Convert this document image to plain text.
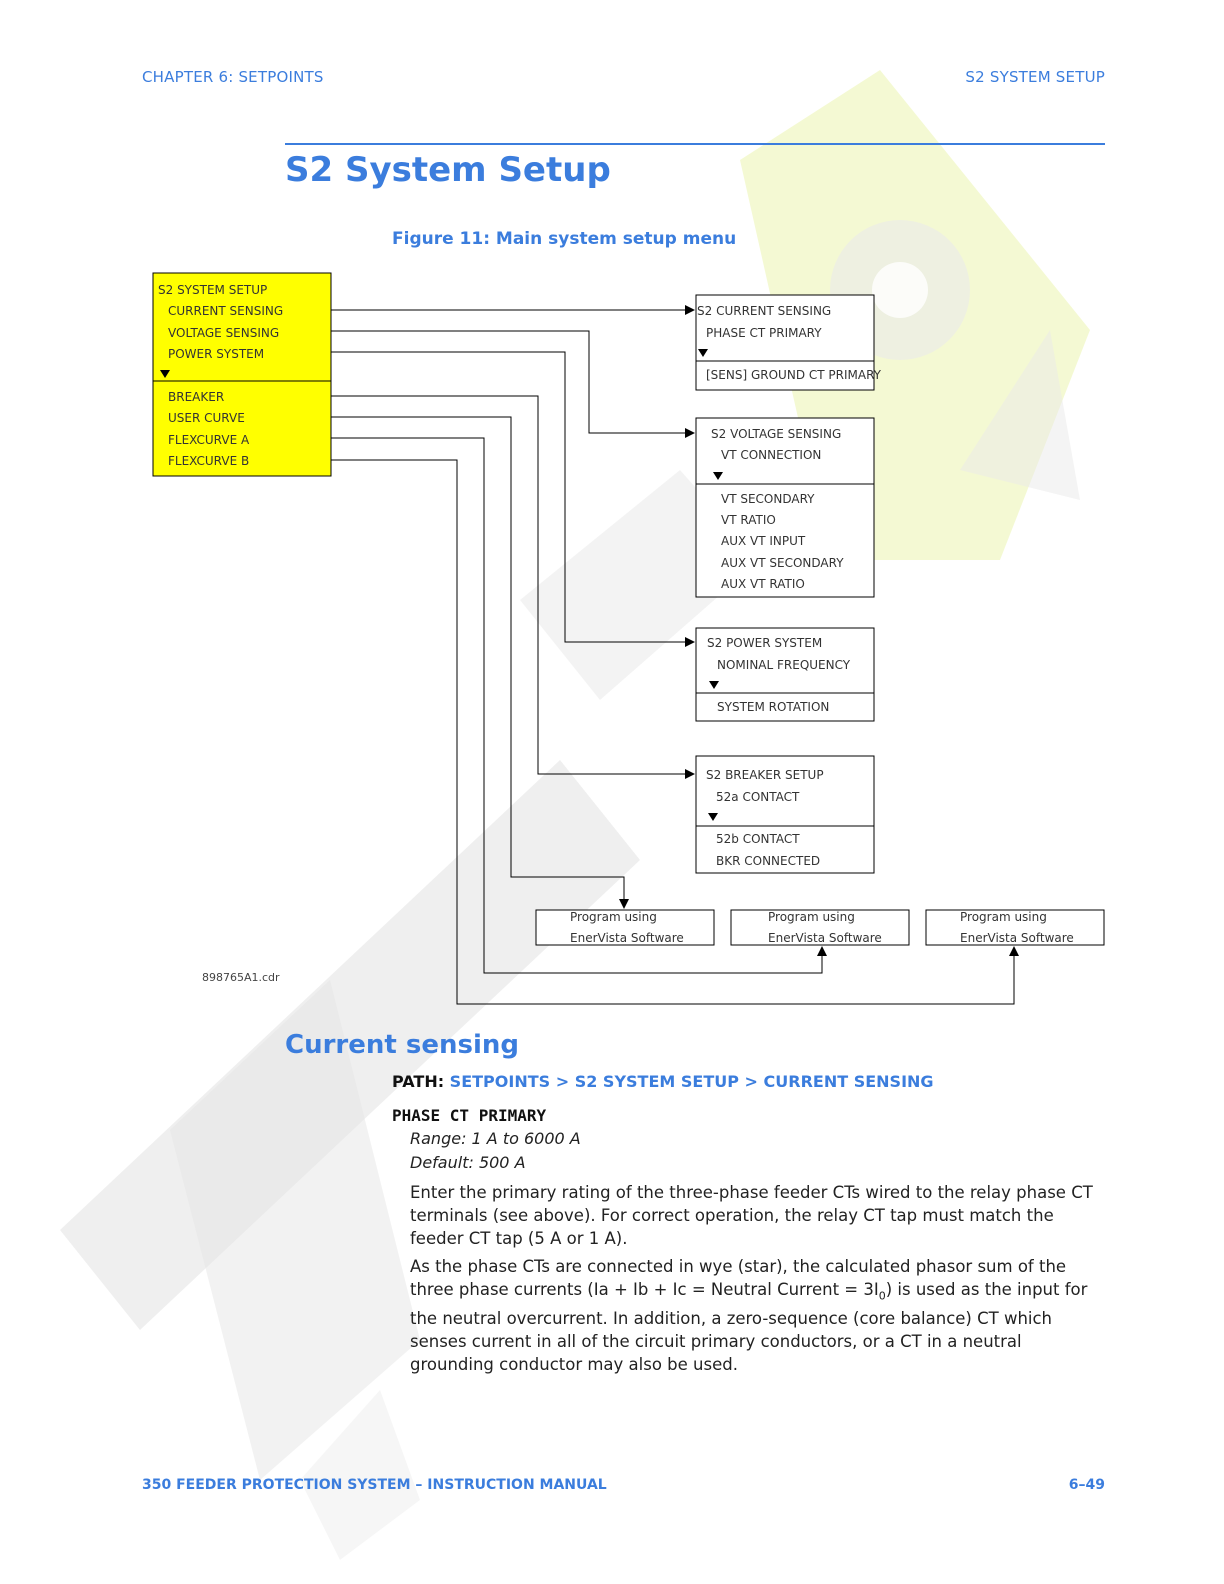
CHAPTER 6: SETPOINTS	S2 SYSTEM SETUP
S2 System Setup
Figure 11: Main system setup menu
S2 SYSTEM SETUP
CURRENT SENSING
VOLTAGE SENSING
POWER SYSTEM
BREAKER
USER CURVE
FLEXCURVE A
FLEXCURVE B
S2 CURRENT SENSING
PHASE CT PRIMARY
[SENS] GROUND CT PRIMARY
S2 VOLTAGE SENSING
VT CONNECTION
VT SECONDARY
VT RATIO
AUX VT INPUT
AUX VT SECONDARY
AUX VT RATIO
S2 POWER SYSTEM
NOMINAL FREQUENCY
SYSTEM ROTATION
S2 BREAKER SETUP
52a CONTACT
52b CONTACT
BKR CONNECTED
Program using
EnerVista Software
Program using
EnerVista Software
Program using
EnerVista Software
898765A1.cdr
Current sensing
PATH: SETPOINTS > S2 SYSTEM SETUP > CURRENT SENSING
PHASE CT PRIMARY
Range: 1 A to 6000 A
Default: 500 A
Enter the primary rating of the three-phase feeder CTs wired to the relay phase CT terminals (see above). For correct operation, the relay CT tap must match the feeder CT tap (5 A or 1 A).
As the phase CTs are connected in wye (star), the calculated phasor sum of the three phase currents (Ia + Ib + Ic = Neutral Current = $3I_0$) is used as the input for the neutral overcurrent. In addition, a zero-sequence (core balance) CT which senses current in all of the circuit primary conductors, or a CT in a neutral grounding conductor may also be used.
350 FEEDER PROTECTION SYSTEM – INSTRUCTION MANUAL	6–49
